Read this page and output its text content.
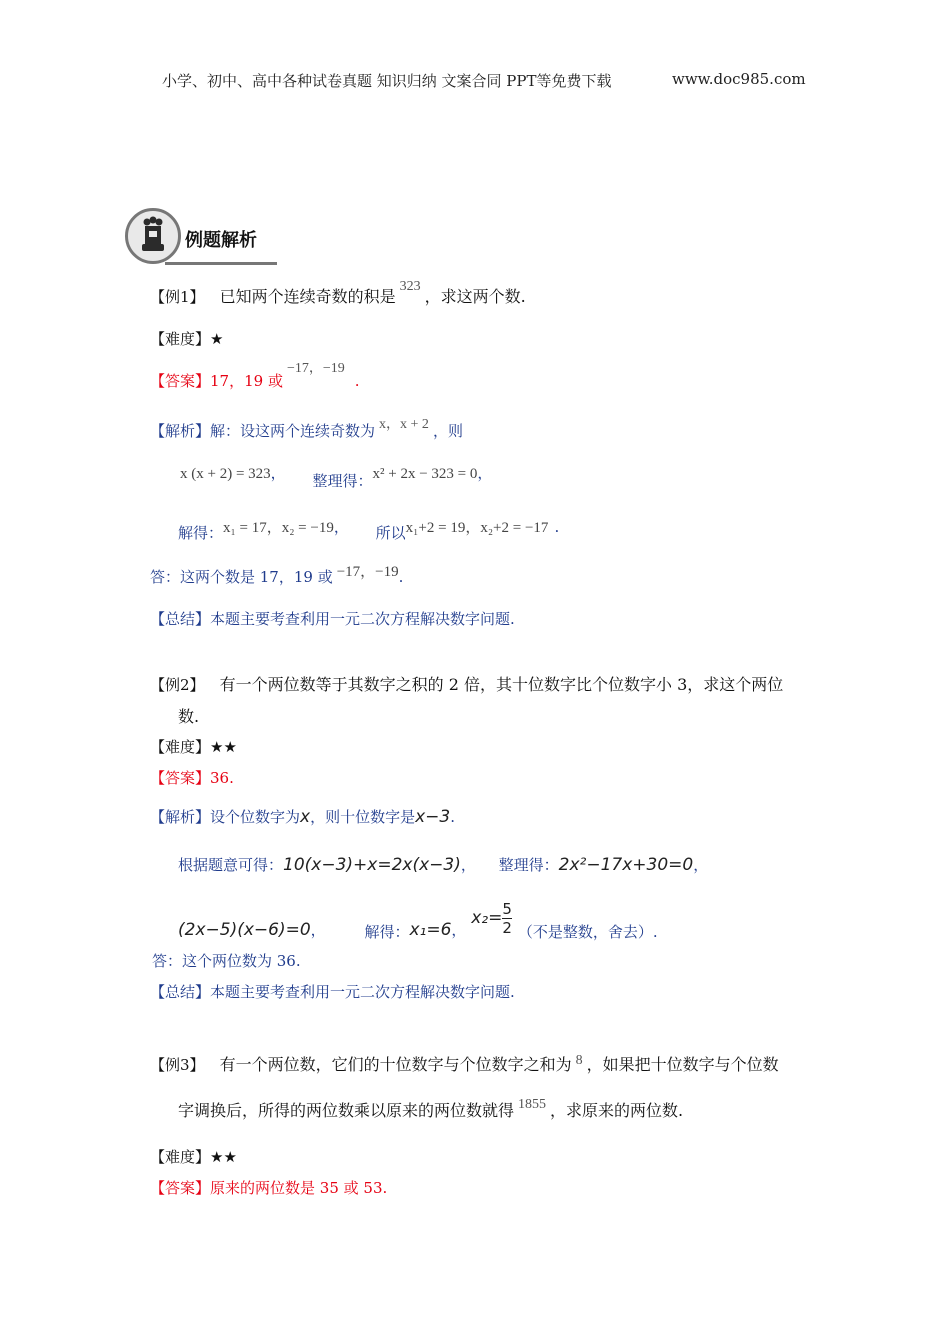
小学、初中、高中各种试卷真题 知识归纳 文案合同 PPT等免费下载	www.doc985.com
例题解析
【例1】 已知两个连续奇数的积是323，求这两个数.
【难度】★
【答案】17，19 或−17，−19.
【解析】解：设这两个连续奇数为 x，x + 2 ，则
x (x + 2) = 323， 整理得：x² + 2x − 323 = 0，
解得：x₁ = 17，x₂ = −19， 所以x₁+2 = 19，x₂+2 = −17 .
答：这两个数是 17，19 或 −17，−19.
【总结】本题主要考查利用一元二次方程解决数字问题.
【例2】 有一个两位数等于其数字之积的 2 倍，其十位数字比个位数字小 3，求这个两位
数.
【难度】★★
【答案】36.
【解析】设个位数字为x，则十位数字是x−3.
根据题意可得：10(x−3)+x=2x(x−3)， 整理得：2x²−17x+30=0，
(2x−5)(x−6)=0，	解得：x₁=6， $x_2= \frac{5}{2}$ （不是整数，舍去）.
答：这个两位数为 36.
【总结】本题主要考查利用一元二次方程解决数字问题.
【例3】 有一个两位数，它们的十位数字与个位数字之和为 8 ，如果把十位数字与个位数
字调换后，所得的两位数乘以原来的两位数就得 1855 ，求原来的两位数.
【难度】★★
【答案】原来的两位数是 35 或 53.
